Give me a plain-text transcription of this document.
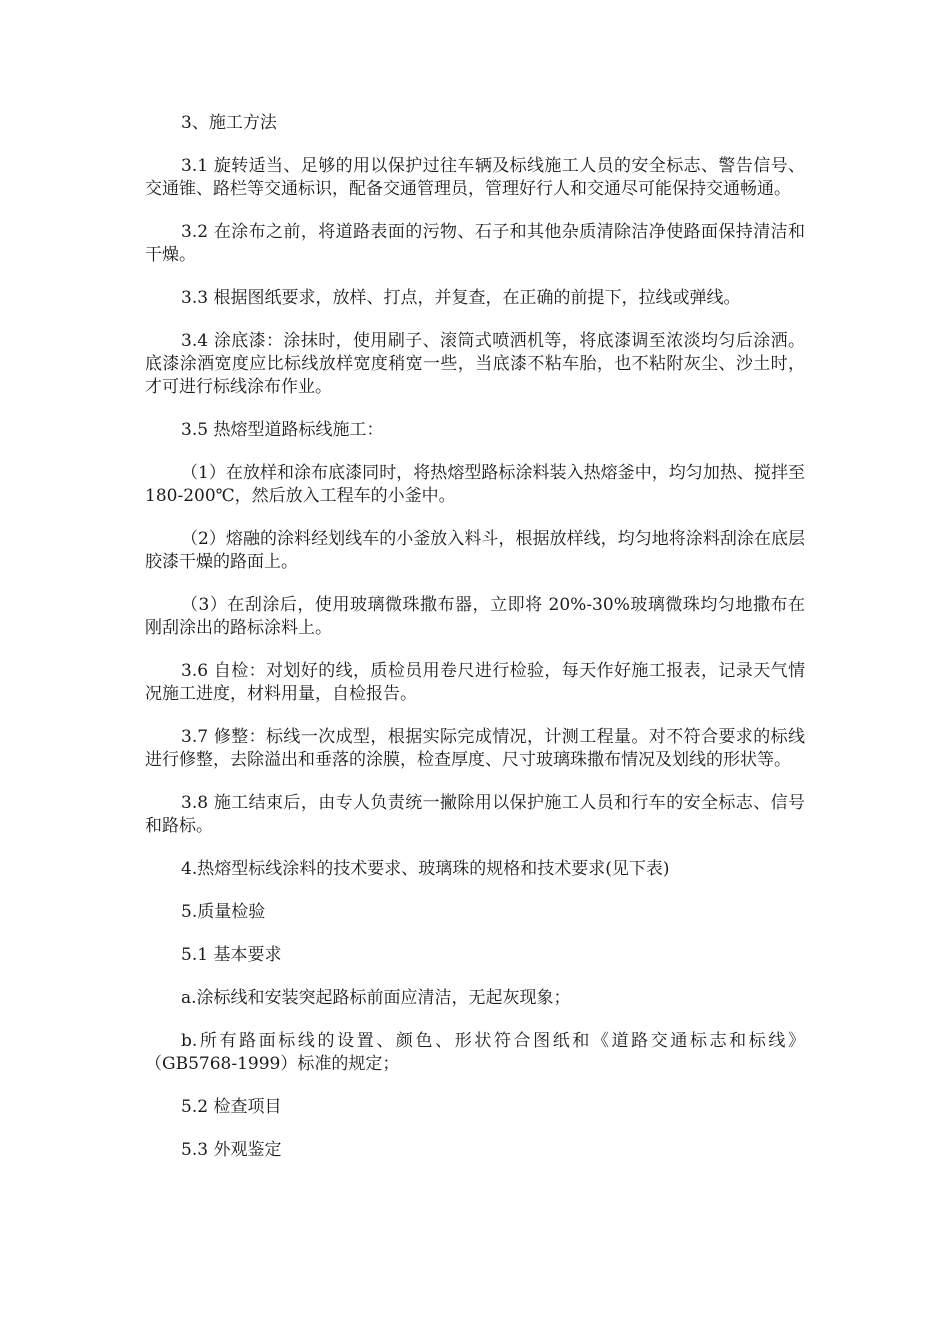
3、施工方法

3.1 旋转适当、足够的用以保护过往车辆及标线施工人员的安全标志、警告信号、交通锥、路栏等交通标识，配备交通管理员，管理好行人和交通尽可能保持交通畅通。

3.2 在涂布之前，将道路表面的污物、石子和其他杂质清除洁净使路面保持清洁和干燥。

3.3 根据图纸要求，放样、打点，并复查，在正确的前提下，拉线或弹线。

3.4 涂底漆：涂抹时，使用刷子、滚筒式喷洒机等，将底漆调至浓淡均匀后涂洒。底漆涂酒宽度应比标线放样宽度稍宽一些，当底漆不粘车胎，也不粘附灰尘、沙土时，才可进行标线涂布作业。

3.5 热熔型道路标线施工：

（1）在放样和涂布底漆同时，将热熔型路标涂料装入热熔釜中，均匀加热、搅拌至 180-200℃，然后放入工程车的小釜中。

（2）熔融的涂料经划线车的小釜放入料斗，根据放样线，均匀地将涂料刮涂在底层胶漆干燥的路面上。

（3）在刮涂后，使用玻璃微珠撒布器，立即将 20%-30%玻璃微珠均匀地撒布在刚刮涂出的路标涂料上。

3.6 自检：对划好的线，质检员用卷尺进行检验，每天作好施工报表，记录天气情况施工进度，材料用量，自检报告。

3.7 修整：标线一次成型，根据实际完成情况，计测工程量。对不符合要求的标线进行修整，去除溢出和垂落的涂膜，检查厚度、尺寸玻璃珠撒布情况及划线的形状等。

3.8 施工结束后，由专人负责统一撇除用以保护施工人员和行车的安全标志、信号和路标。

4.热熔型标线涂料的技术要求、玻璃珠的规格和技术要求(见下表)

5.质量检验

5.1 基本要求

a.涂标线和安装突起路标前面应清洁，无起灰现象；

b.所有路面标线的设置、颜色、形状符合图纸和《道路交通标志和标线》（GB5768-1999）标准的规定；

5.2 检查项目

5.3 外观鉴定
